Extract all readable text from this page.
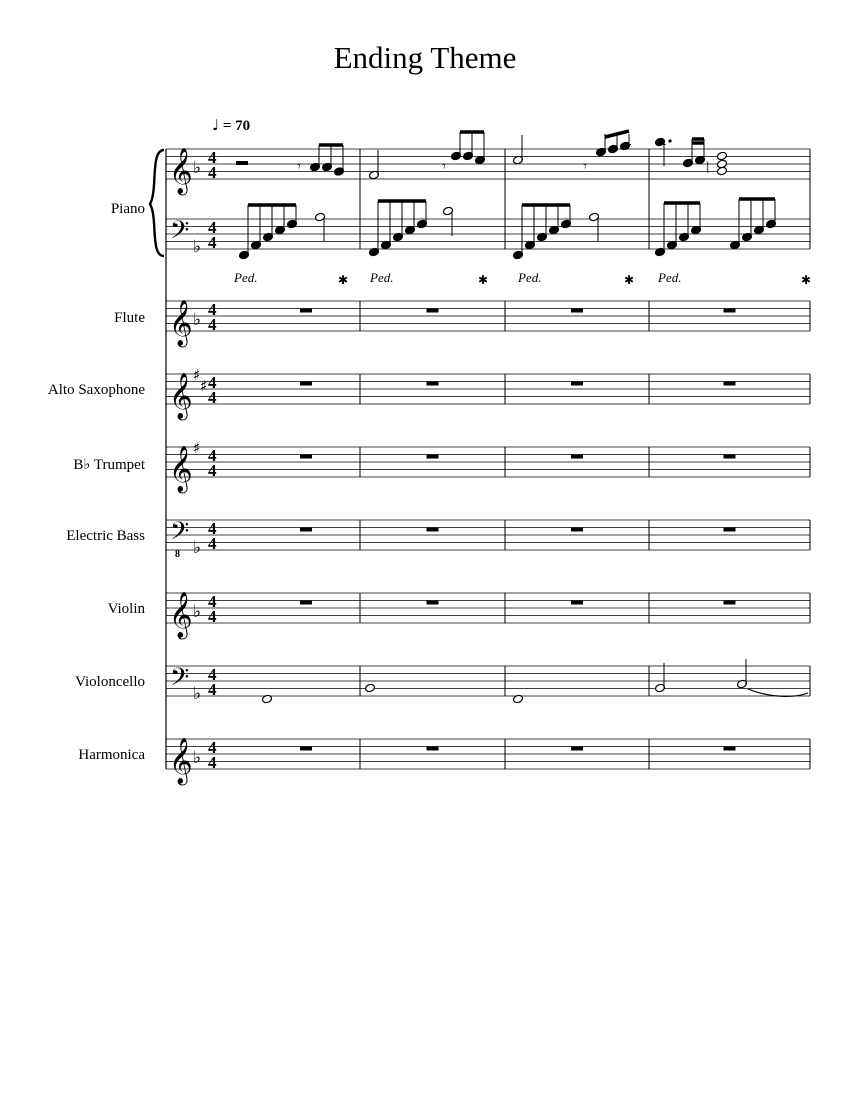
Ending Theme
♩ = 70
Piano
Flute
Alto Saxophone
B♭ Trumpet
Electric Bass
Violin
Violoncello
Harmonica
𝄞 ♭
4
4
𝄢 ♭
4
4
𝄞 ♭
4
4
𝄞 ♯
♯ 4
4
𝄞 ♯ 4
4
𝄢
8 ♭
4
4
𝄞 ♭
4
4
𝄢 ♭
4
4
𝄞 ♭
4
4
𝄾	𝄾	𝄾	⦚
Ped.	✱ Ped.	✱ Ped.	✱ Ped.	✱
